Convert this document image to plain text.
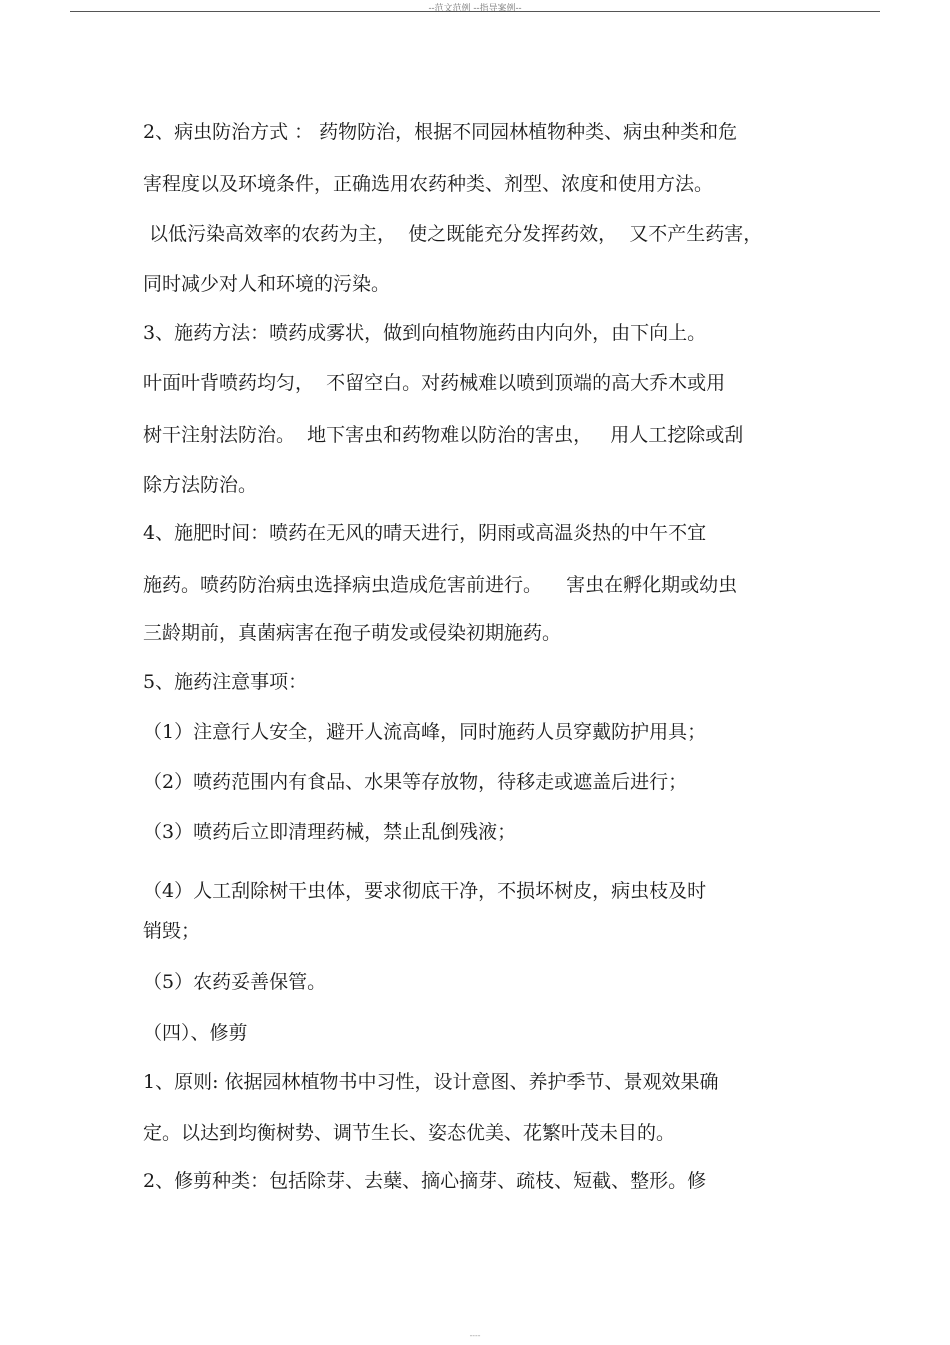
--范文范例 --指导案例--
2、病虫防治方式 ： 药物防治，根据不同园林植物种类、病虫种类和危
害程度以及环境条件，正确选用农药种类、剂型、浓度和使用方法。
以低污染高效率的农药为主，  使之既能充分发挥药效，  又不产生药害，
同时减少对人和环境的污染。
3、施药方法：喷药成雾状，做到向植物施药由内向外，由下向上。
叶面叶背喷药均匀，  不留空白。对药械难以喷到顶端的高大乔木或用
树干注射法防治。  地下害虫和药物难以防治的害虫，   用人工挖除或刮
除方法防治。
4、施肥时间：喷药在无风的晴天进行，阴雨或高温炎热的中午不宜
施药。喷药防治病虫选择病虫造成危害前进行。    害虫在孵化期或幼虫
三龄期前，真菌病害在孢子萌发或侵染初期施药。
5、施药注意事项：
（1）注意行人安全，避开人流高峰，同时施药人员穿戴防护用具；
（2）喷药范围内有食品、水果等存放物，待移走或遮盖后进行；
（3）喷药后立即清理药械，禁止乱倒残液；
（4）人工刮除树干虫体，要求彻底干净，不损坏树皮，病虫枝及时
销毁；
（5）农药妥善保管。
（四）、修剪
1、原则: 依据园林植物书中习性，设计意图、养护季节、景观效果确
定。以达到均衡树势、调节生长、姿态优美、花繁叶茂未目的。
2、修剪种类：包括除芽、去蘖、摘心摘芽、疏枝、短截、整形。修
----
